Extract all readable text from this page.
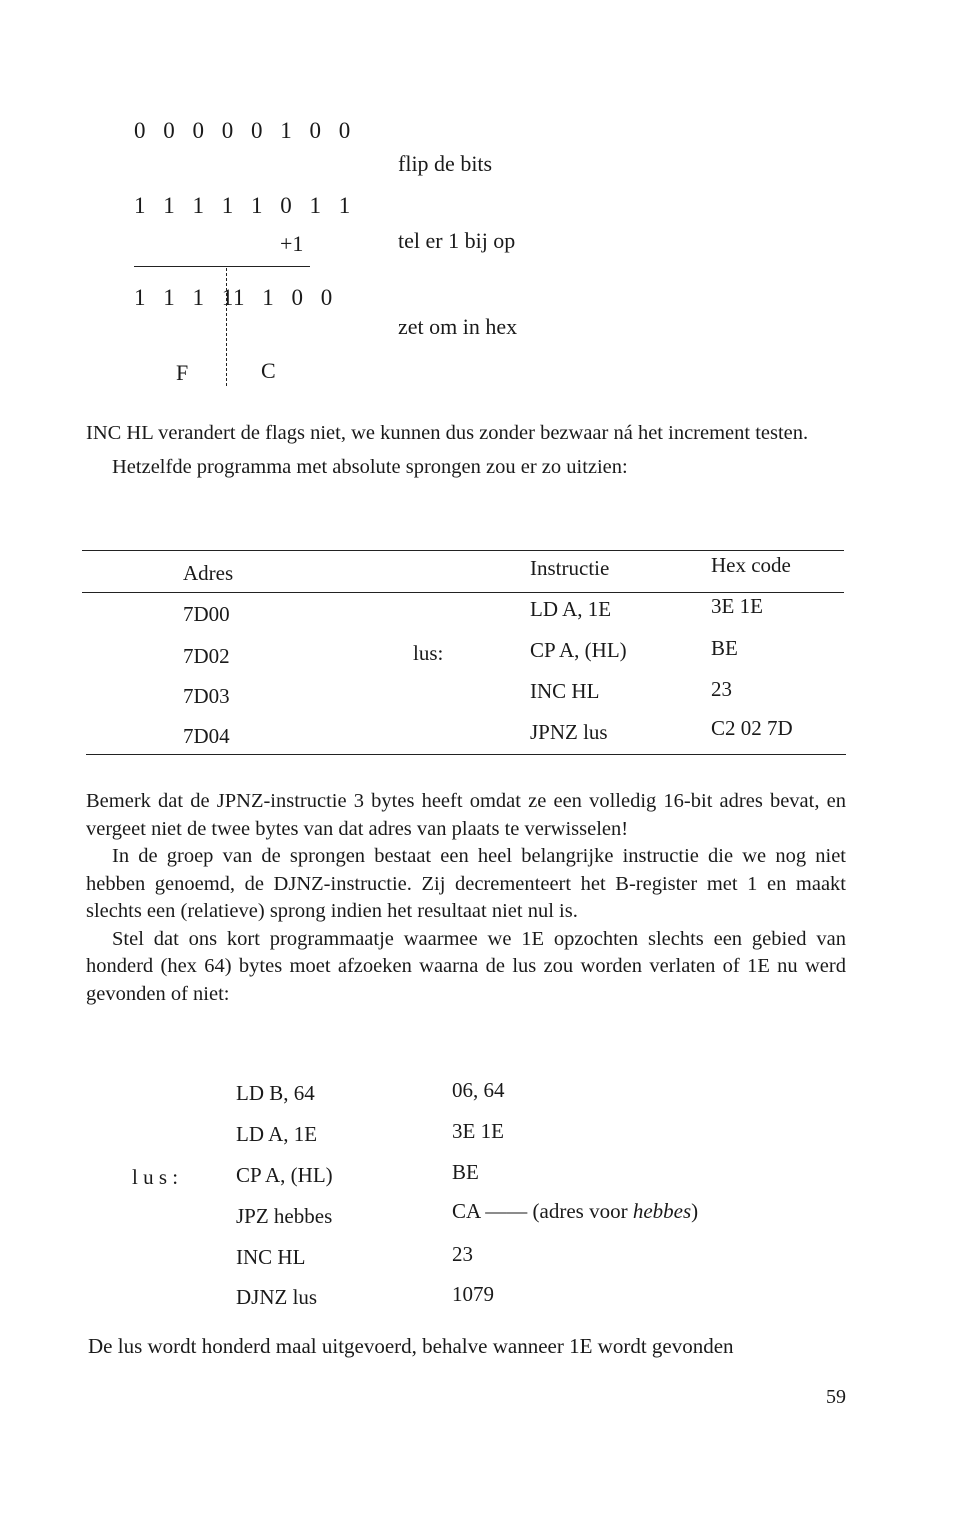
0 0 0 0 0 1 0 0
flip de bits
1 1 1 1 1 0 1 1
+1	tel er 1 bij op
1 1 1 1
1 1 0 0
zet om in hex
F	C

INC HL verandert de flags niet, we kunnen dus zonder bezwaar ná het increment testen.

Hetzelfde programma met absolute sprongen zou er zo uitzien:

Adres	Instructie	Hex code
7D00	LD A, 1E	3E 1E
7D02	lus:	CP A, (HL)	BE
7D03	INC HL	23
7D04	JPNZ lus	C2 02 7D

Bemerk dat de JPNZ-instructie 3 bytes heeft omdat ze een volledig 16-bit adres bevat, en vergeet niet de twee bytes van dat adres van plaats te verwisselen!

In de groep van de sprongen bestaat een heel belangrijke instructie die we nog niet hebben genoemd, de DJNZ-instructie. Zij decrementeert het B-register met 1 en maakt slechts een (relatieve) sprong indien het resultaat niet nul is.

Stel dat ons kort programmaatje waarmee we 1E opzochten slechts een gebied van honderd (hex 64) bytes moet afzoeken waarna de lus zou worden verlaten of 1E nu werd gevonden of niet:

l u s :
LD B, 64	06, 64
LD A, 1E	3E 1E
CP A, (HL)	BE
JPZ hebbes	CA —— (adres voor hebbes)
INC HL	23
DJNZ lus	1079
De lus wordt honderd maal uitgevoerd, behalve wanneer 1E wordt gevonden
59
